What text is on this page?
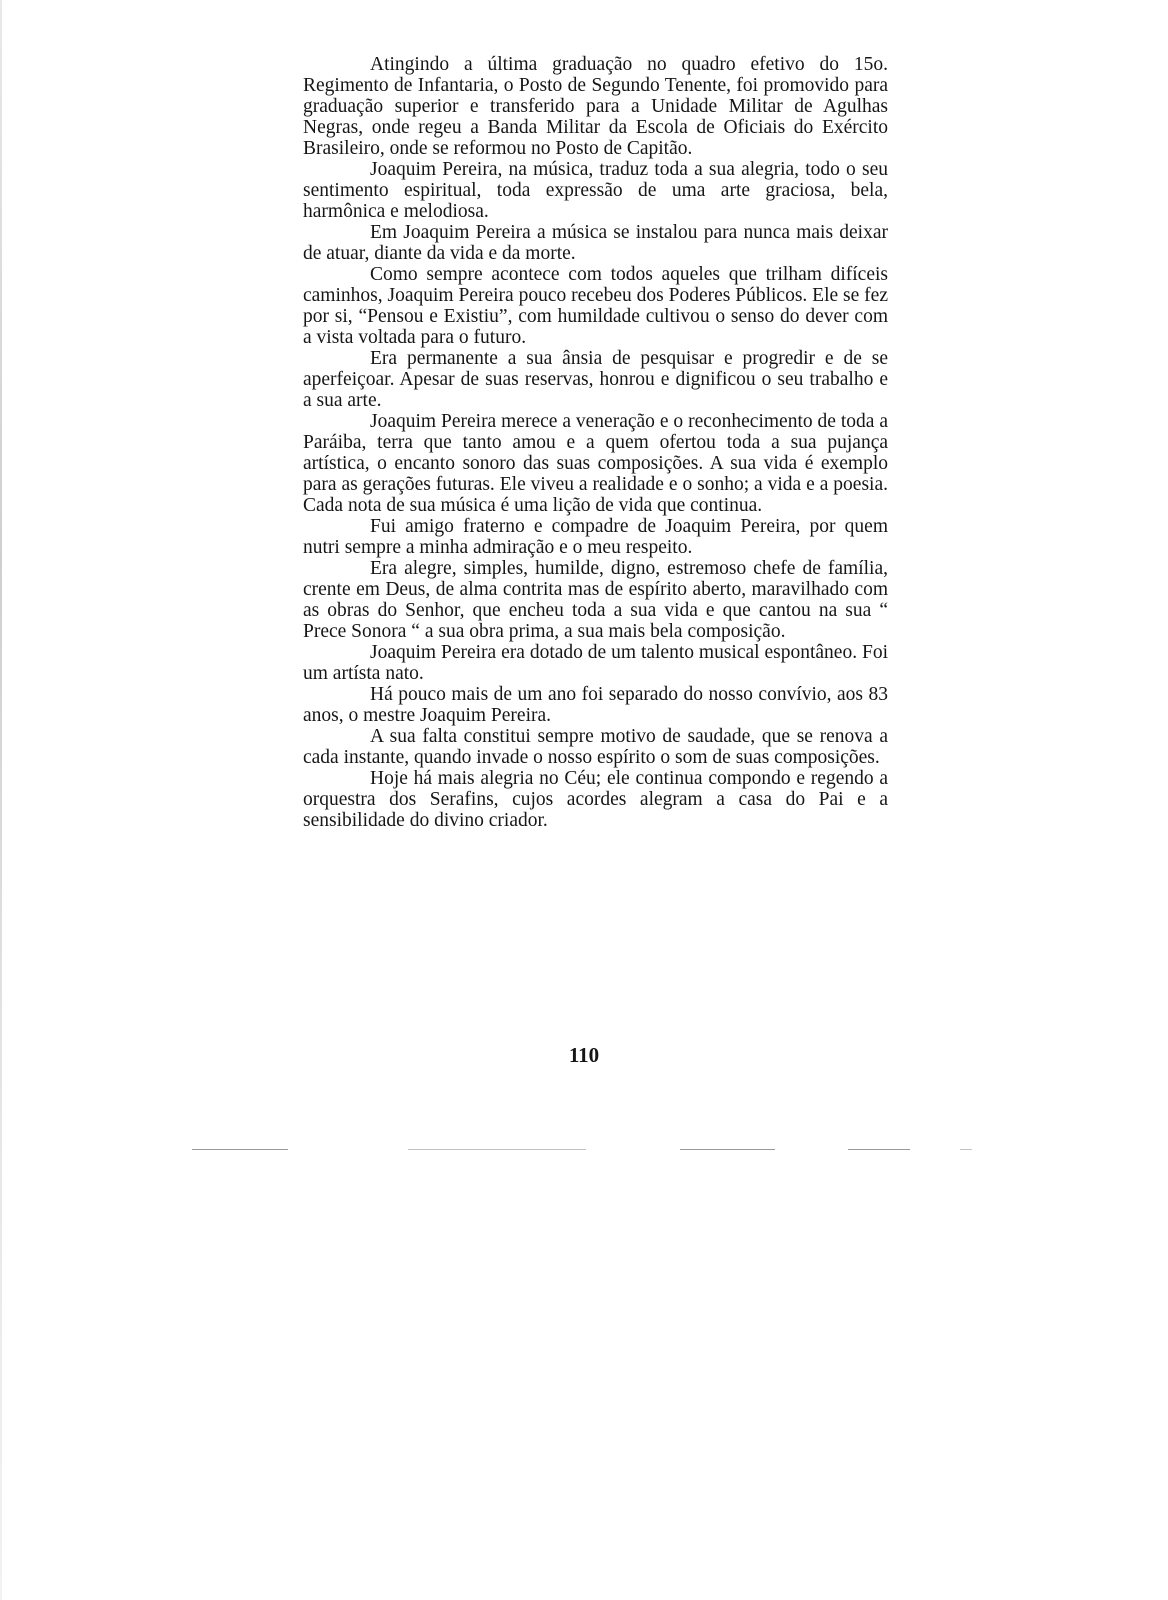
Atingindo a última graduação no quadro efetivo do 15o. Regimento de Infantaria, o Posto de Segundo Tenente, foi promovido para graduação superior e transferido para a Unidade Militar de Agulhas Negras, onde regeu a Banda Militar da Escola de Oficiais do Exército Brasileiro, onde se reformou no Posto de Capitão.

Joaquim Pereira, na música, traduz toda a sua alegria, todo o seu sentimento espiritual, toda expressão de uma arte graciosa, bela, harmônica e melodiosa.

Em Joaquim Pereira a música se instalou para nunca mais deixar de atuar, diante da vida e da morte.

Como sempre acontece com todos aqueles que trilham difíceis caminhos, Joaquim Pereira pouco recebeu dos Poderes Públicos. Ele se fez por si, “Pensou e Existiu”, com humildade cultivou o senso do dever com a vista voltada para o futuro.

Era permanente a sua ânsia de pesquisar e progredir e de se aperfeiçoar. Apesar de suas reservas, honrou e dignificou o seu trabalho e a sua arte.

Joaquim Pereira merece a veneração e o reconhecimento de toda a Paráiba, terra que tanto amou e a quem ofertou toda a sua pujança artística, o encanto sonoro das suas composições. A sua vida é exemplo para as gerações futuras. Ele viveu a realidade e o sonho; a vida e a poesia. Cada nota de sua música é uma lição de vida que continua.

Fui amigo fraterno e compadre de Joaquim Pereira, por quem nutri sempre a minha admiração e o meu respeito.

Era alegre, simples, humilde, digno, estremoso chefe de família, crente em Deus, de alma contrita mas de espírito aberto, maravilhado com as obras do Senhor, que encheu toda a sua vida e que cantou na sua “ Prece Sonora “ a sua obra prima, a sua mais bela composição.

Joaquim Pereira era dotado de um talento musical espontâneo. Foi um artísta nato.

Há pouco mais de um ano foi separado do nosso convívio, aos 83 anos, o mestre Joaquim Pereira.

A sua falta constitui sempre motivo de saudade, que se renova a cada instante, quando invade o nosso espírito o som de suas composições.

Hoje há mais alegria no Céu; ele continua compondo e regendo a orquestra dos Serafins, cujos acordes alegram a casa do Pai e a sensibilidade do divino criador.

110
